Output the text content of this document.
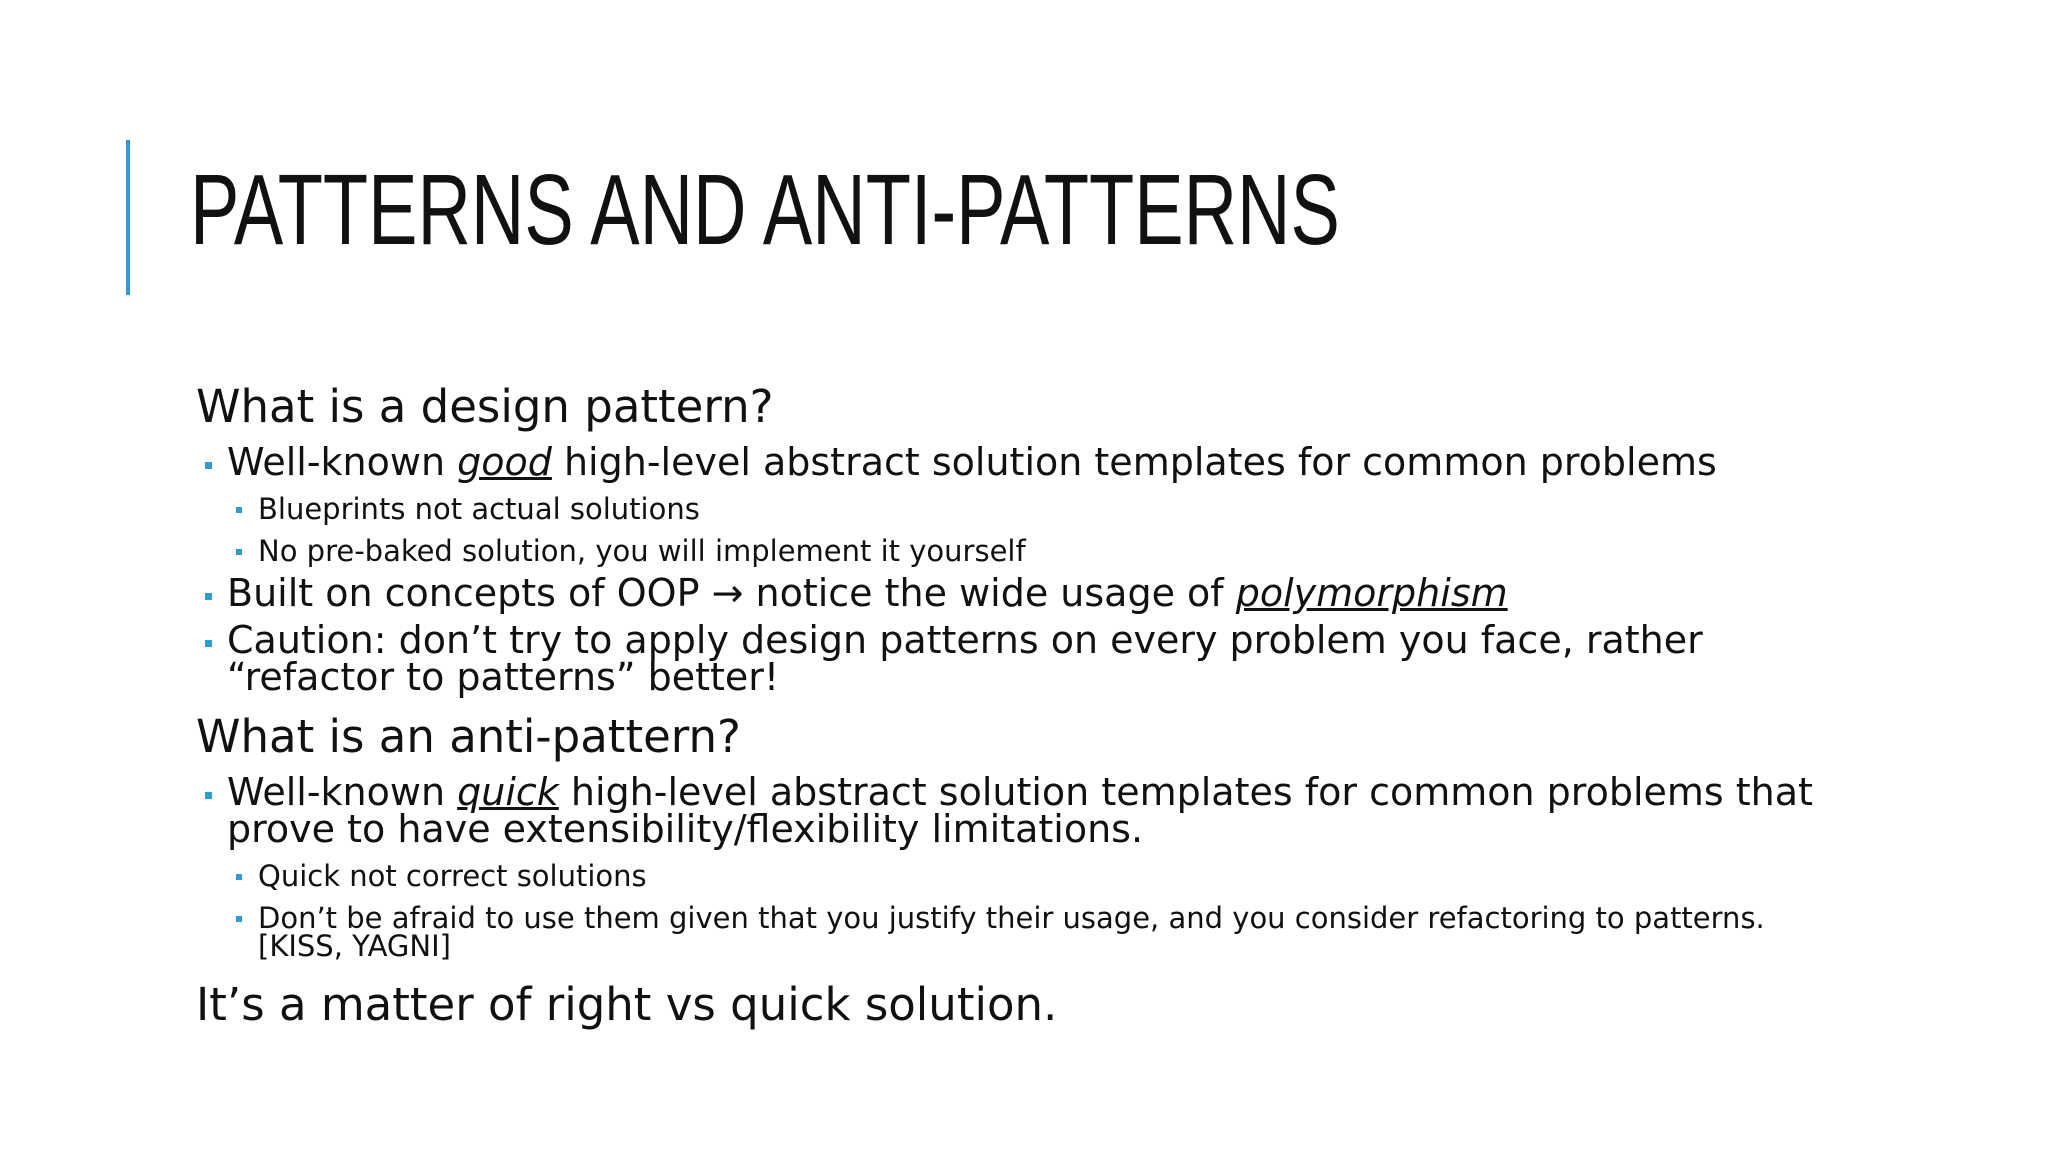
PATTERNS AND ANTI-PATTERNS

What is a design pattern?

Well-known good high-level abstract solution templates for common problems
Blueprints not actual solutions
No pre-baked solution, you will implement it yourself
Built on concepts of OOP → notice the wide usage of polymorphism
Caution: don’t try to apply design patterns on every problem you face, rather “refactor to patterns” better!

What is an anti-pattern?

Well-known quick high-level abstract solution templates for common problems that prove to have extensibility/flexibility limitations.
Quick not correct solutions
Don’t be afraid to use them given that you justify their usage, and you consider refactoring to patterns. [KISS, YAGNI]

It’s a matter of right vs quick solution.
